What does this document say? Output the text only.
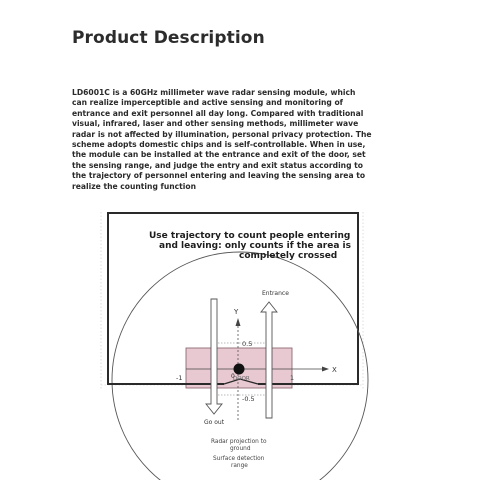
Product Description
LD6001C is a 60GHz millimeter wave radar sensing module, which can realize imperceptible and active sensing and monitoring of entrance and exit personnel all day long. Compared with traditional visual, infrared, laser and other sensing methods, millimeter wave radar is not affected by illumination, personal privacy protection. The scheme adopts domestic chips and is self-controllable. When in use, the module can be installed at the entrance and exit of the door, set the sensing range, and judge the entry and exit status according to the trajectory of personnel entering and leaving the sensing area to realize the counting function
DOOR
X
Y
0.5
-0.5
-1	1
0
Go out
Entrance
Use trajectory to count people entering
and leaving: only counts if the area is
completely crossed
Radar projection to
ground
Surface detection
range
